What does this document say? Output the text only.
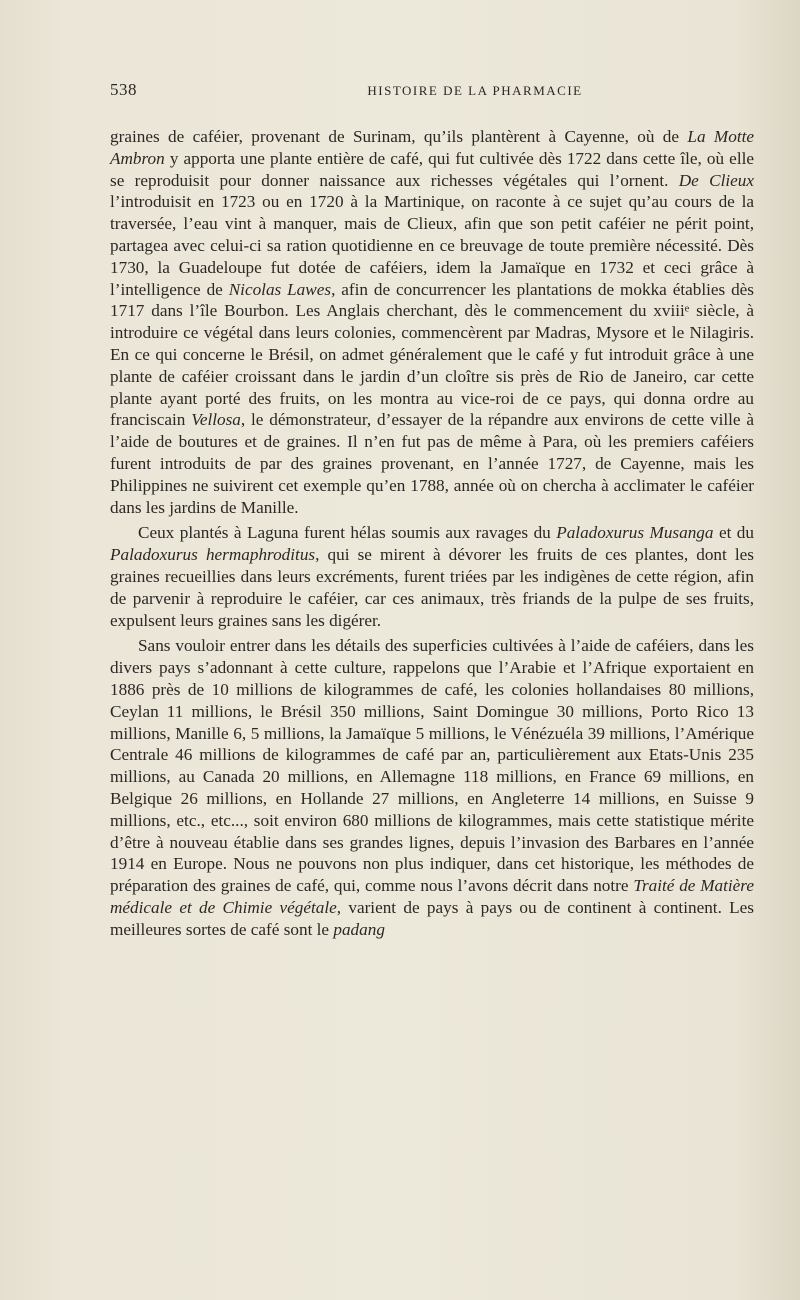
538	HISTOIRE DE LA PHARMACIE

graines de caféier, provenant de Surinam, qu’ils plantèrent à Cayenne, où de La Motte Ambron y apporta une plante entière de café, qui fut cultivée dès 1722 dans cette île, où elle se reproduisit pour donner naissance aux richesses végétales qui l’ornent. De Clieux l’introduisit en 1723 ou en 1720 à la Martinique, on raconte à ce sujet qu’au cours de la traversée, l’eau vint à manquer, mais de Clieux, afin que son petit caféier ne périt point, partagea avec celui-ci sa ration quotidienne en ce breuvage de toute première nécessité. Dès 1730, la Guadeloupe fut dotée de caféiers, idem la Jamaïque en 1732 et ceci grâce à l’intelligence de Nicolas Lawes, afin de concurrencer les plantations de mokka établies dès 1717 dans l’île Bourbon. Les Anglais cherchant, dès le commencement du xviiiᵉ siècle, à introduire ce végétal dans leurs colonies, commencèrent par Madras, Mysore et le Nilagiris. En ce qui concerne le Brésil, on admet généralement que le café y fut introduit grâce à une plante de caféier croissant dans le jardin d’un cloître sis près de Rio de Janeiro, car cette plante ayant porté des fruits, on les montra au vice-roi de ce pays, qui donna ordre au franciscain Vellosa, le démonstrateur, d’essayer de la répandre aux environs de cette ville à l’aide de boutures et de graines. Il n’en fut pas de même à Para, où les premiers caféiers furent introduits de par des graines provenant, en l’année 1727, de Cayenne, mais les Philippines ne suivirent cet exemple qu’en 1788, année où on chercha à acclimater le caféier dans les jardins de Manille.

Ceux plantés à Laguna furent hélas soumis aux ravages du Paladoxurus Musanga et du Paladoxurus hermaphroditus, qui se mirent à dévorer les fruits de ces plantes, dont les graines recueillies dans leurs excréments, furent triées par les indigènes de cette région, afin de parvenir à reproduire le caféier, car ces animaux, très friands de la pulpe de ses fruits, expulsent leurs graines sans les digérer.

Sans vouloir entrer dans les détails des superficies cultivées à l’aide de caféiers, dans les divers pays s’adonnant à cette culture, rappelons que l’Arabie et l’Afrique exportaient en 1886 près de 10 millions de kilogrammes de café, les colonies hollandaises 80 millions, Ceylan 11 millions, le Brésil 350 millions, Saint Domingue 30 millions, Porto Rico 13 millions, Manille 6, 5 millions, la Jamaïque 5 millions, le Vénézuéla 39 millions, l’Amérique Centrale 46 millions de kilogrammes de café par an, particulièrement aux Etats-Unis 235 millions, au Canada 20 millions, en Allemagne 118 millions, en France 69 millions, en Belgique 26 millions, en Hollande 27 millions, en Angleterre 14 millions, en Suisse 9 millions, etc., etc..., soit environ 680 millions de kilogrammes, mais cette statistique mérite d’être à nouveau établie dans ses grandes lignes, depuis l’invasion des Barbares en l’année 1914 en Europe. Nous ne pouvons non plus indiquer, dans cet historique, les méthodes de préparation des graines de café, qui, comme nous l’avons décrit dans notre Traité de Matière médicale et de Chimie végétale, varient de pays à pays ou de continent à continent. Les meilleures sortes de café sont le padang
